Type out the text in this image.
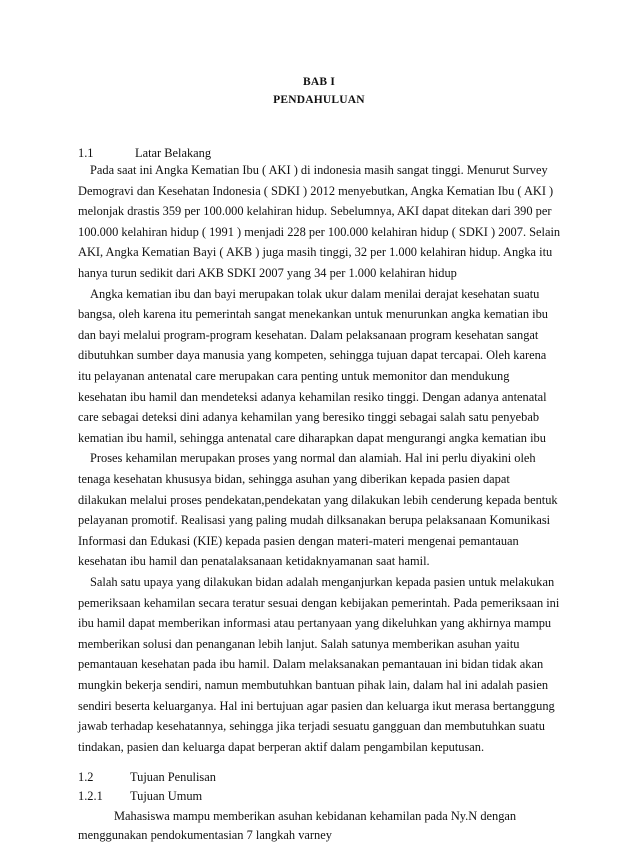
BAB I
PENDAHULUAN
1.1	Latar Belakang
Pada saat ini Angka Kematian Ibu ( AKI ) di indonesia masih sangat tinggi. Menurut Survey
Demogravi dan Kesehatan Indonesia ( SDKI ) 2012 menyebutkan, Angka Kematian Ibu ( AKI )
melonjak drastis 359 per 100.000 kelahiran hidup. Sebelumnya, AKI dapat ditekan dari 390 per
100.000 kelahiran hidup ( 1991 ) menjadi 228 per 100.000 kelahiran hidup ( SDKI ) 2007. Selain
AKI, Angka Kematian Bayi ( AKB ) juga masih tinggi, 32 per 1.000 kelahiran hidup. Angka itu
hanya turun sedikit dari AKB SDKI 2007 yang 34 per 1.000 kelahiran hidup
Angka kematian ibu dan bayi merupakan tolak ukur dalam menilai derajat kesehatan suatu
bangsa, oleh karena itu pemerintah sangat menekankan untuk menurunkan angka kematian ibu
dan bayi melalui program-program kesehatan. Dalam pelaksanaan program kesehatan sangat
dibutuhkan sumber daya manusia yang kompeten, sehingga tujuan dapat tercapai. Oleh karena
itu pelayanan antenatal care merupakan cara penting untuk memonitor dan mendukung
kesehatan ibu hamil dan mendeteksi adanya kehamilan resiko tinggi. Dengan adanya antenatal
care sebagai deteksi dini adanya kehamilan yang beresiko tinggi sebagai salah satu penyebab
kematian ibu hamil, sehingga antenatal care diharapkan dapat mengurangi angka kematian ibu
Proses kehamilan merupakan proses yang normal dan alamiah. Hal ini perlu diyakini oleh
tenaga kesehatan khususya bidan, sehingga asuhan yang diberikan kepada pasien dapat
dilakukan melalui proses pendekatan,pendekatan yang dilakukan lebih cenderung kepada bentuk
pelayanan promotif. Realisasi yang paling mudah dilksanakan berupa pelaksanaan Komunikasi
Informasi dan Edukasi (KIE) kepada pasien dengan materi-materi mengenai pemantauan
kesehatan ibu hamil dan penatalaksanaan ketidaknyamanan saat hamil.
Salah satu upaya yang dilakukan bidan adalah menganjurkan kepada pasien untuk melakukan
pemeriksaan kehamilan secara teratur sesuai dengan kebijakan pemerintah. Pada pemeriksaan ini
ibu hamil dapat memberikan informasi atau pertanyaan yang dikeluhkan yang akhirnya mampu
memberikan solusi dan penanganan lebih lanjut. Salah satunya memberikan asuhan yaitu
pemantauan kesehatan pada ibu hamil. Dalam melaksanakan pemantauan ini bidan tidak akan
mungkin bekerja sendiri, namun membutuhkan bantuan pihak lain, dalam hal ini adalah pasien
sendiri beserta keluarganya. Hal ini bertujuan agar pasien dan keluarga ikut merasa bertanggung
jawab terhadap kesehatannya, sehingga jika terjadi sesuatu gangguan dan membutuhkan suatu
tindakan, pasien dan keluarga dapat berperan aktif dalam pengambilan keputusan.
1.2	Tujuan Penulisan
1.2.1 Tujuan Umum
Mahasiswa mampu memberikan asuhan kebidanan kehamilan pada Ny.N dengan
menggunakan pendokumentasian 7 langkah varney
